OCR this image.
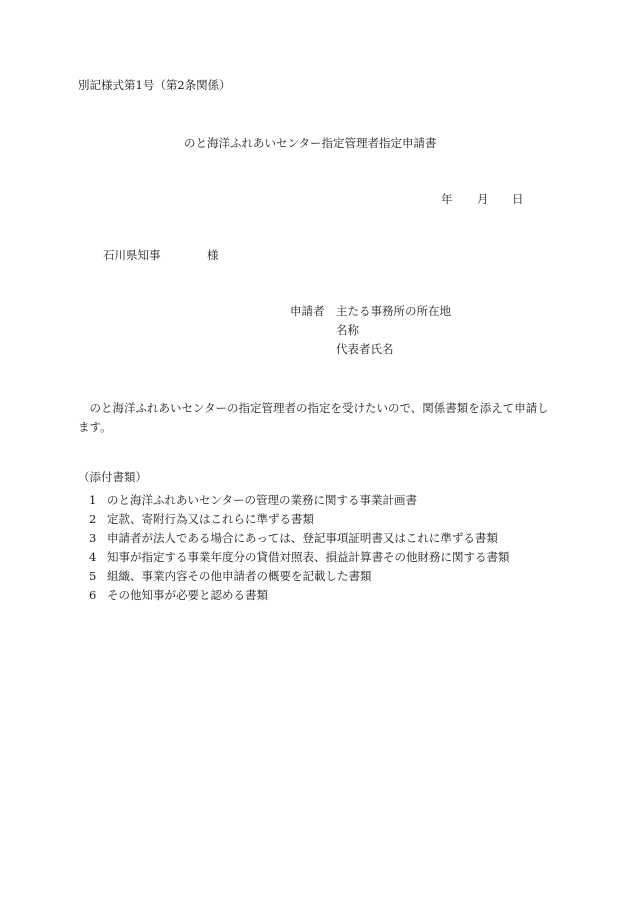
別記様式第1号（第2条関係）
のと海洋ふれあいセンター指定管理者指定申請書
年 月 日
石川県知事	様
申請者 主たる事務所の所在地
名称
代表者氏名
のと海洋ふれあいセンターの指定管理者の指定を受けたいので、関係書類を添えて申請します。
（添付書類）
1 のと海洋ふれあいセンターの管理の業務に関する事業計画書
2 定款、寄附行為又はこれらに準ずる書類
3 申請者が法人である場合にあっては、登記事項証明書又はこれに準ずる書類
4 知事が指定する事業年度分の貸借対照表、損益計算書その他財務に関する書類
5 組織、事業内容その他申請者の概要を記載した書類
6 その他知事が必要と認める書類
